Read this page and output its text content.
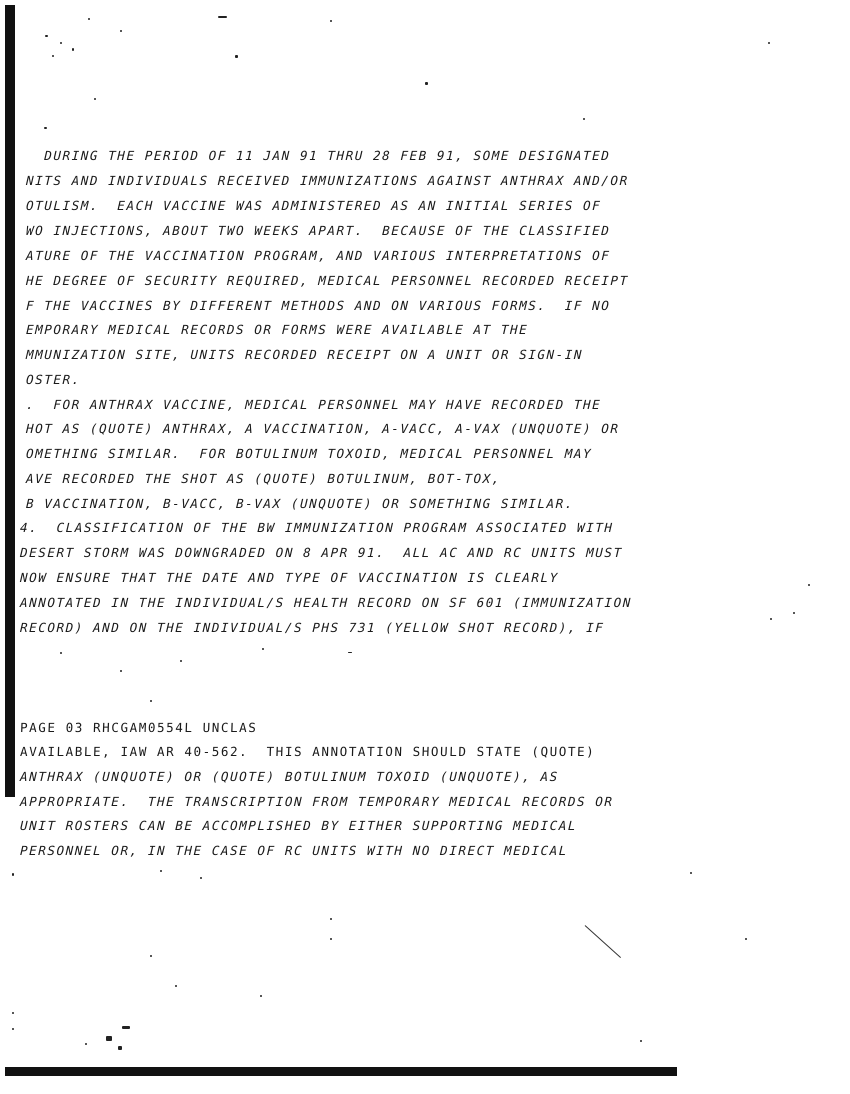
DURING THE PERIOD OF 11 JAN 91 THRU 28 FEB 91, SOME DESIGNATED
NITS AND INDIVIDUALS RECEIVED IMMUNIZATIONS AGAINST ANTHRAX AND/OR
OTULISM.  EACH VACCINE WAS ADMINISTERED AS AN INITIAL SERIES OF
WO INJECTIONS, ABOUT TWO WEEKS APART.  BECAUSE OF THE CLASSIFIED
ATURE OF THE VACCINATION PROGRAM, AND VARIOUS INTERPRETATIONS OF
HE DEGREE OF SECURITY REQUIRED, MEDICAL PERSONNEL RECORDED RECEIPT
F THE VACCINES BY DIFFERENT METHODS AND ON VARIOUS FORMS.  IF NO
EMPORARY MEDICAL RECORDS OR FORMS WERE AVAILABLE AT THE
MMUNIZATION SITE, UNITS RECORDED RECEIPT ON A UNIT OR SIGN-IN
OSTER.
.  FOR ANTHRAX VACCINE, MEDICAL PERSONNEL MAY HAVE RECORDED THE
HOT AS (QUOTE) ANTHRAX, A VACCINATION, A-VACC, A-VAX (UNQUOTE) OR
OMETHING SIMILAR.  FOR BOTULINUM TOXOID, MEDICAL PERSONNEL MAY
AVE RECORDED THE SHOT AS (QUOTE) BOTULINUM, BOT-TOX,
B VACCINATION, B-VACC, B-VAX (UNQUOTE) OR SOMETHING SIMILAR.
4.  CLASSIFICATION OF THE BW IMMUNIZATION PROGRAM ASSOCIATED WITH
DESERT STORM WAS DOWNGRADED ON 8 APR 91.  ALL AC AND RC UNITS MUST
NOW ENSURE THAT THE DATE AND TYPE OF VACCINATION IS CLEARLY
ANNOTATED IN THE INDIVIDUAL/S HEALTH RECORD ON SF 601 (IMMUNIZATION
RECORD) AND ON THE INDIVIDUAL/S PHS 731 (YELLOW SHOT RECORD), IF
PAGE 03 RHCGAM0554L UNCLAS
AVAILABLE, IAW AR 40-562.  THIS ANNOTATION SHOULD STATE (QUOTE)
ANTHRAX (UNQUOTE) OR (QUOTE) BOTULINUM TOXOID (UNQUOTE), AS
APPROPRIATE.  THE TRANSCRIPTION FROM TEMPORARY MEDICAL RECORDS OR
UNIT ROSTERS CAN BE ACCOMPLISHED BY EITHER SUPPORTING MEDICAL
PERSONNEL OR, IN THE CASE OF RC UNITS WITH NO DIRECT MEDICAL
